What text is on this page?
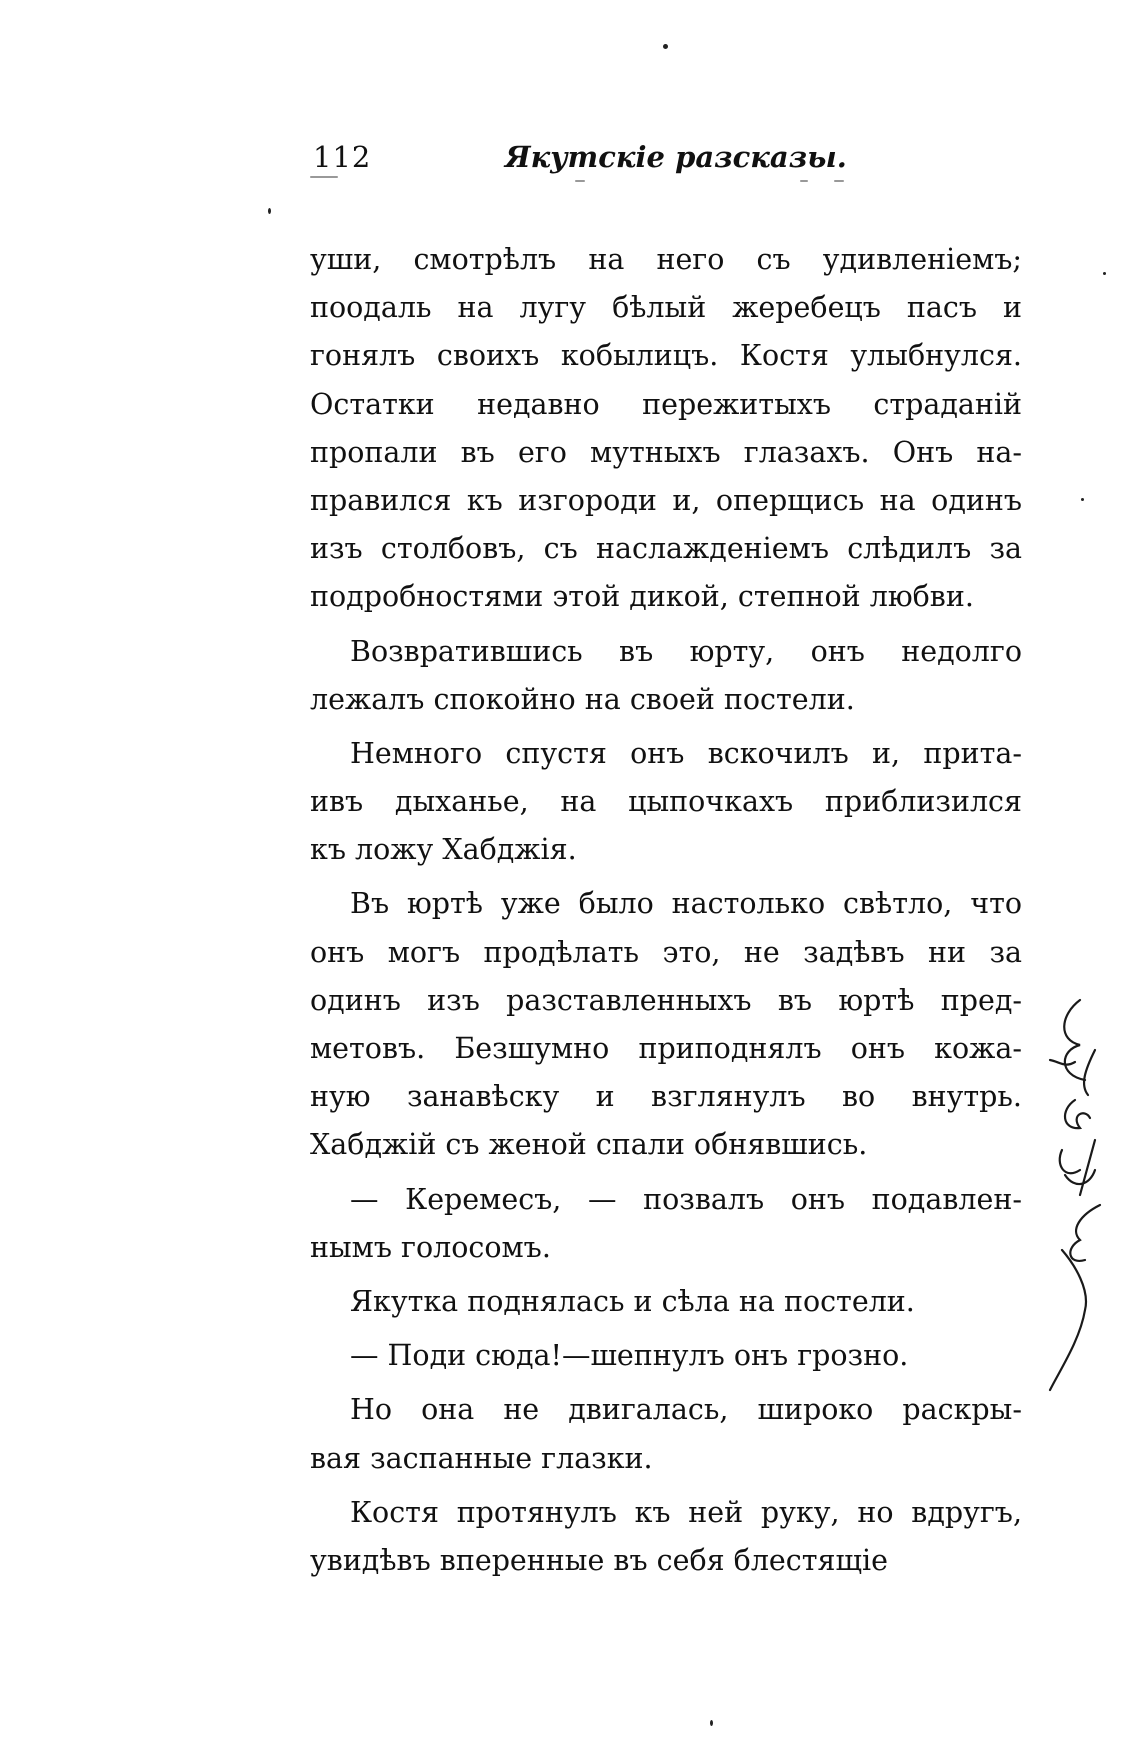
112	Якутскіе разсказы.
уши, смотрѣлъ на него съ удивленіемъ;
поодаль на лугу бѣлый жеребецъ пасъ и
гонялъ своихъ кобылицъ. Костя улыбнулся.
Остатки недавно пережитыхъ страданій
пропали въ его мутныхъ глазахъ. Онъ на-
правился къ изгороди и, оперщись на одинъ
изъ столбовъ, съ наслажденіемъ слѣдилъ за
подробностями этой дикой, степной любви.
Возвратившись въ юрту, онъ недолго
лежалъ спокойно на своей постели.
Немного спустя онъ вскочилъ и, прита-
ивъ дыханье, на цыпочкахъ приблизился
къ ложу Хабджія.
Въ юртѣ уже было настолько свѣтло, что
онъ могъ продѣлать это, не задѣвъ ни за
одинъ изъ разставленныхъ въ юртѣ пред-
метовъ. Безшумно приподнялъ онъ кожа-
ную занавѣску и взглянулъ во внутрь.
Хабджій съ женой спали обнявшись.
— Керемесъ, — позвалъ онъ подавлен-
нымъ голосомъ.
Якутка поднялась и сѣла на постели.
— Поди сюда!—шепнулъ онъ грозно.
Но она не двигалась, широко раскры-
вая заспанные глазки.
Костя протянулъ къ ней руку, но вдругъ,
увидѣвъ вперенные въ себя блестящіе
